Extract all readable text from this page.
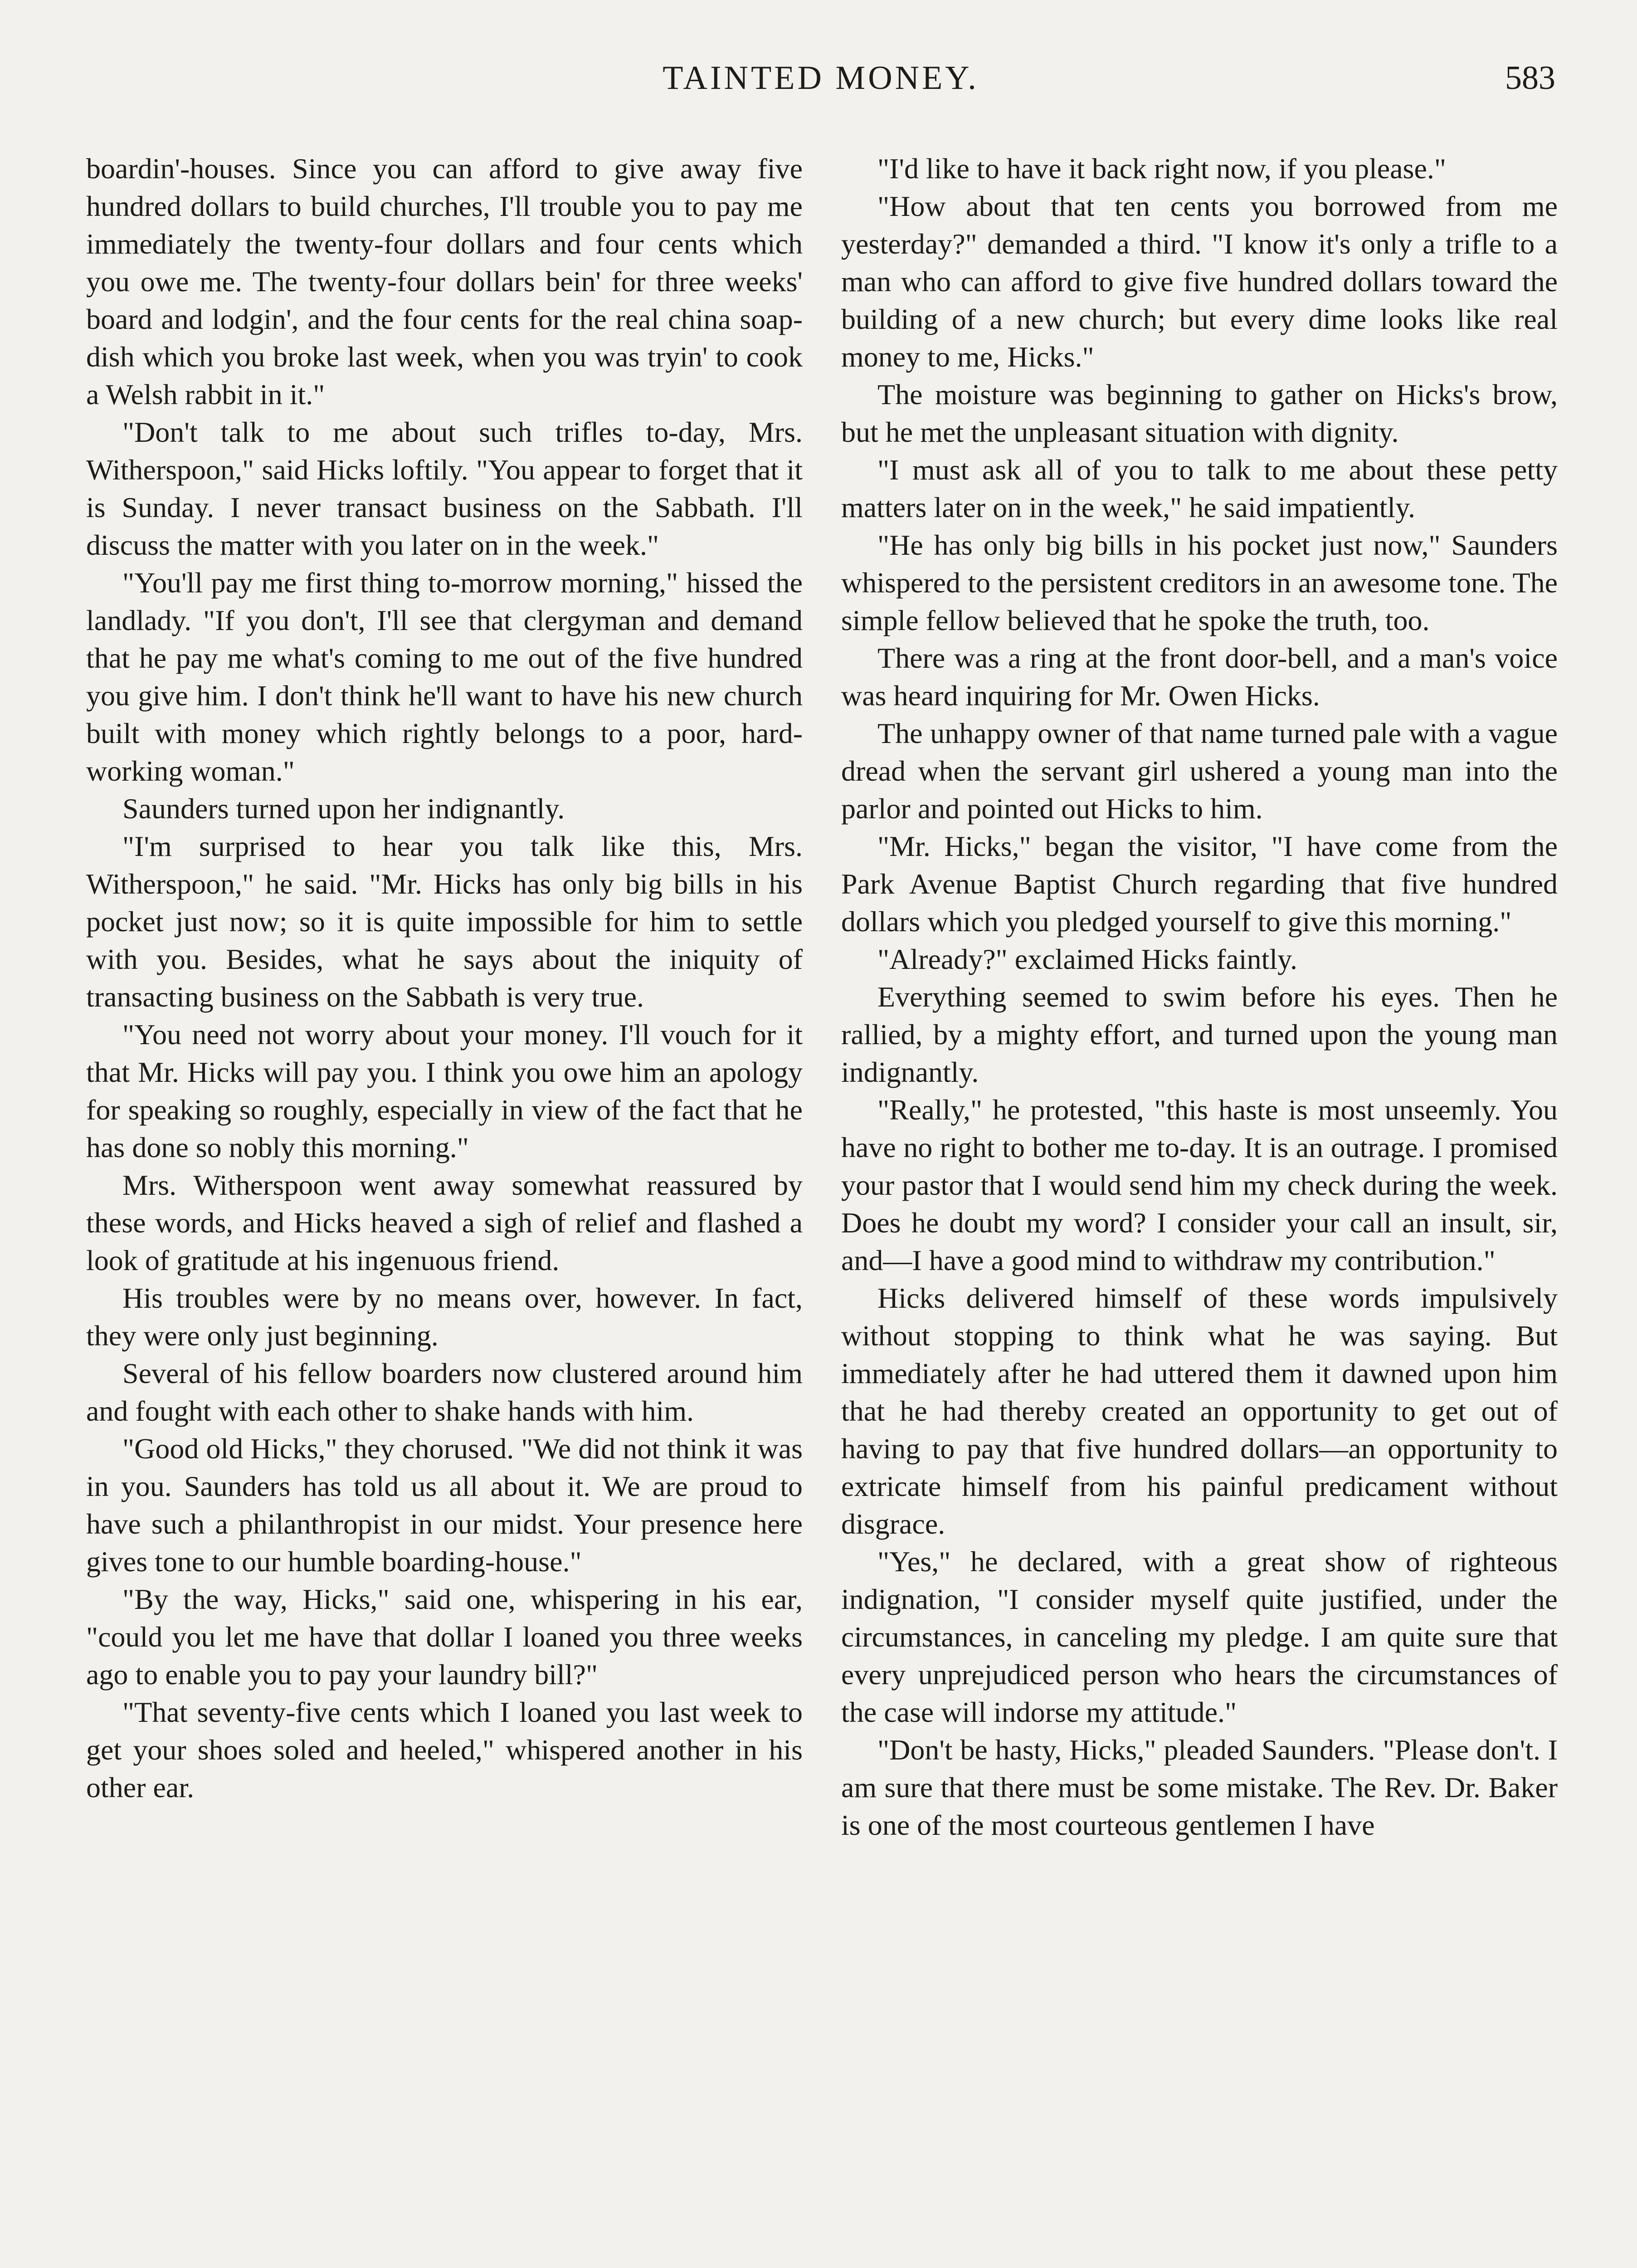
TAINTED MONEY.	583

boardin'-houses. Since you can afford to give away five hundred dollars to build churches, I'll trouble you to pay me immediately the twenty-four dollars and four cents which you owe me. The twenty-four dollars bein' for three weeks' board and lodgin', and the four cents for the real china soap-dish which you broke last week, when you was tryin' to cook a Welsh rabbit in it."

"Don't talk to me about such trifles to-day, Mrs. Witherspoon," said Hicks loftily. "You appear to forget that it is Sunday. I never transact business on the Sabbath. I'll discuss the matter with you later on in the week."

"You'll pay me first thing to-morrow morning," hissed the landlady. "If you don't, I'll see that clergyman and demand that he pay me what's coming to me out of the five hundred you give him. I don't think he'll want to have his new church built with money which rightly belongs to a poor, hard-working woman."

Saunders turned upon her indignantly.

"I'm surprised to hear you talk like this, Mrs. Witherspoon," he said. "Mr. Hicks has only big bills in his pocket just now; so it is quite impossible for him to settle with you. Besides, what he says about the iniquity of transacting business on the Sabbath is very true.

"You need not worry about your money. I'll vouch for it that Mr. Hicks will pay you. I think you owe him an apology for speaking so roughly, especially in view of the fact that he has done so nobly this morning."

Mrs. Witherspoon went away somewhat reassured by these words, and Hicks heaved a sigh of relief and flashed a look of gratitude at his ingenuous friend.

His troubles were by no means over, however. In fact, they were only just beginning.

Several of his fellow boarders now clustered around him and fought with each other to shake hands with him.

"Good old Hicks," they chorused. "We did not think it was in you. Saunders has told us all about it. We are proud to have such a philanthropist in our midst. Your presence here gives tone to our humble boarding-house."

"By the way, Hicks," said one, whispering in his ear, "could you let me have that dollar I loaned you three weeks ago to enable you to pay your laundry bill?"

"That seventy-five cents which I loaned you last week to get your shoes soled and heeled," whispered another in his other ear.

"I'd like to have it back right now, if you please."

"How about that ten cents you borrowed from me yesterday?" demanded a third. "I know it's only a trifle to a man who can afford to give five hundred dollars toward the building of a new church; but every dime looks like real money to me, Hicks."

The moisture was beginning to gather on Hicks's brow, but he met the unpleasant situation with dignity.

"I must ask all of you to talk to me about these petty matters later on in the week," he said impatiently.

"He has only big bills in his pocket just now," Saunders whispered to the persistent creditors in an awesome tone. The simple fellow believed that he spoke the truth, too.

There was a ring at the front door-bell, and a man's voice was heard inquiring for Mr. Owen Hicks.

The unhappy owner of that name turned pale with a vague dread when the servant girl ushered a young man into the parlor and pointed out Hicks to him.

"Mr. Hicks," began the visitor, "I have come from the Park Avenue Baptist Church regarding that five hundred dollars which you pledged yourself to give this morning."

"Already?" exclaimed Hicks faintly.

Everything seemed to swim before his eyes. Then he rallied, by a mighty effort, and turned upon the young man indignantly.

"Really," he protested, "this haste is most unseemly. You have no right to bother me to-day. It is an outrage. I promised your pastor that I would send him my check during the week. Does he doubt my word? I consider your call an insult, sir, and—I have a good mind to withdraw my contribution."

Hicks delivered himself of these words impulsively without stopping to think what he was saying. But immediately after he had uttered them it dawned upon him that he had thereby created an opportunity to get out of having to pay that five hundred dollars—an opportunity to extricate himself from his painful predicament without disgrace.

"Yes," he declared, with a great show of righteous indignation, "I consider myself quite justified, under the circumstances, in canceling my pledge. I am quite sure that every unprejudiced person who hears the circumstances of the case will indorse my attitude."

"Don't be hasty, Hicks," pleaded Saunders. "Please don't. I am sure that there must be some mistake. The Rev. Dr. Baker is one of the most courteous gentlemen I have
